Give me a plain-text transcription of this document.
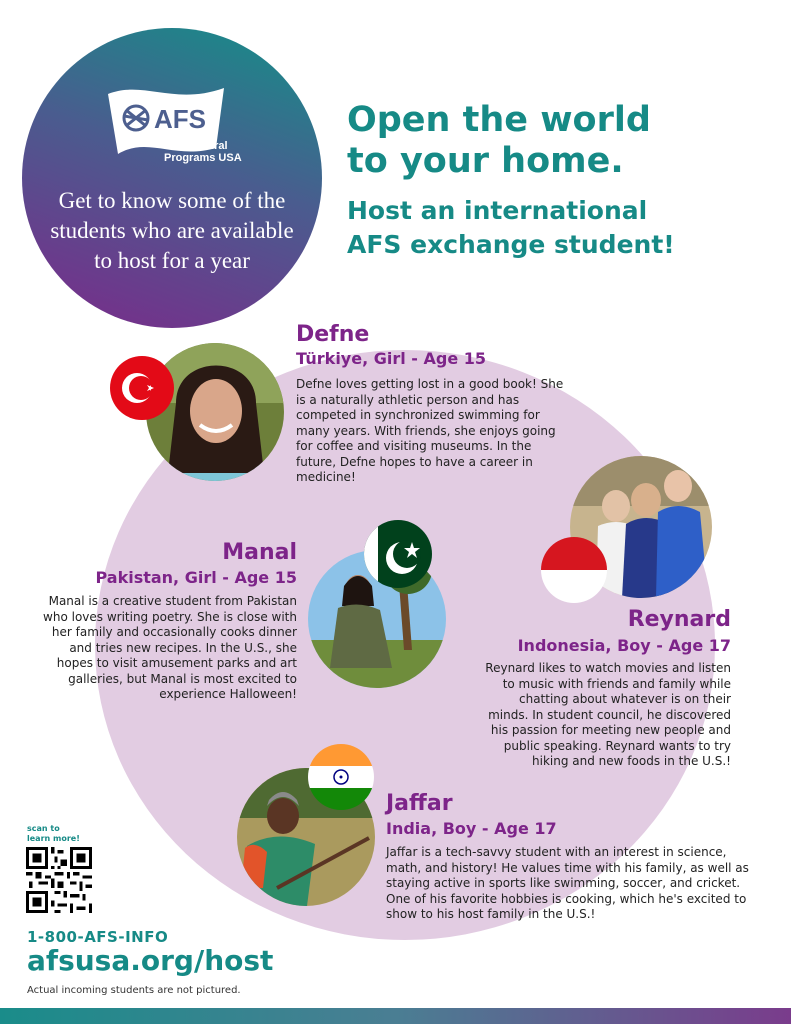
AFS
Intercultural
Programs USA
Get to know some of the students who are available to host for a year
Open the world
to your home.
Host an international
AFS exchange student!
Defne
Türkiye, Girl - Age 15
Defne loves getting lost in a good book! She is a naturally athletic person and has competed in synchronized swimming for many years. With friends, she enjoys going for coffee and visiting museums. In the future, Defne hopes to have a career in medicine!
Reynard
Indonesia, Boy - Age 17
Reynard likes to watch movies and listen to music with friends and family while chatting about whatever is on their minds. In student council, he discovered his passion for meeting new people and public speaking. Reynard wants to try hiking and new foods in the U.S.!
Manal
Pakistan, Girl - Age 15
Manal is a creative student from Pakistan who loves writing poetry. She is close with her family and occasionally cooks dinner and tries new recipes. In the U.S., she hopes to visit amusement parks and art galleries, but Manal is most excited to experience Halloween!
Jaffar
India, Boy - Age 17
Jaffar is a tech-savvy student with an interest in science, math, and history! He values time with his family, as well as staying active in sports like swimming, soccer, and cricket. One of his favorite hobbies is cooking, which he's excited to show to his host family in the U.S.!
scan to
learn more!
1-800-AFS-INFO
afsusa.org/host
Actual incoming students are not pictured.
